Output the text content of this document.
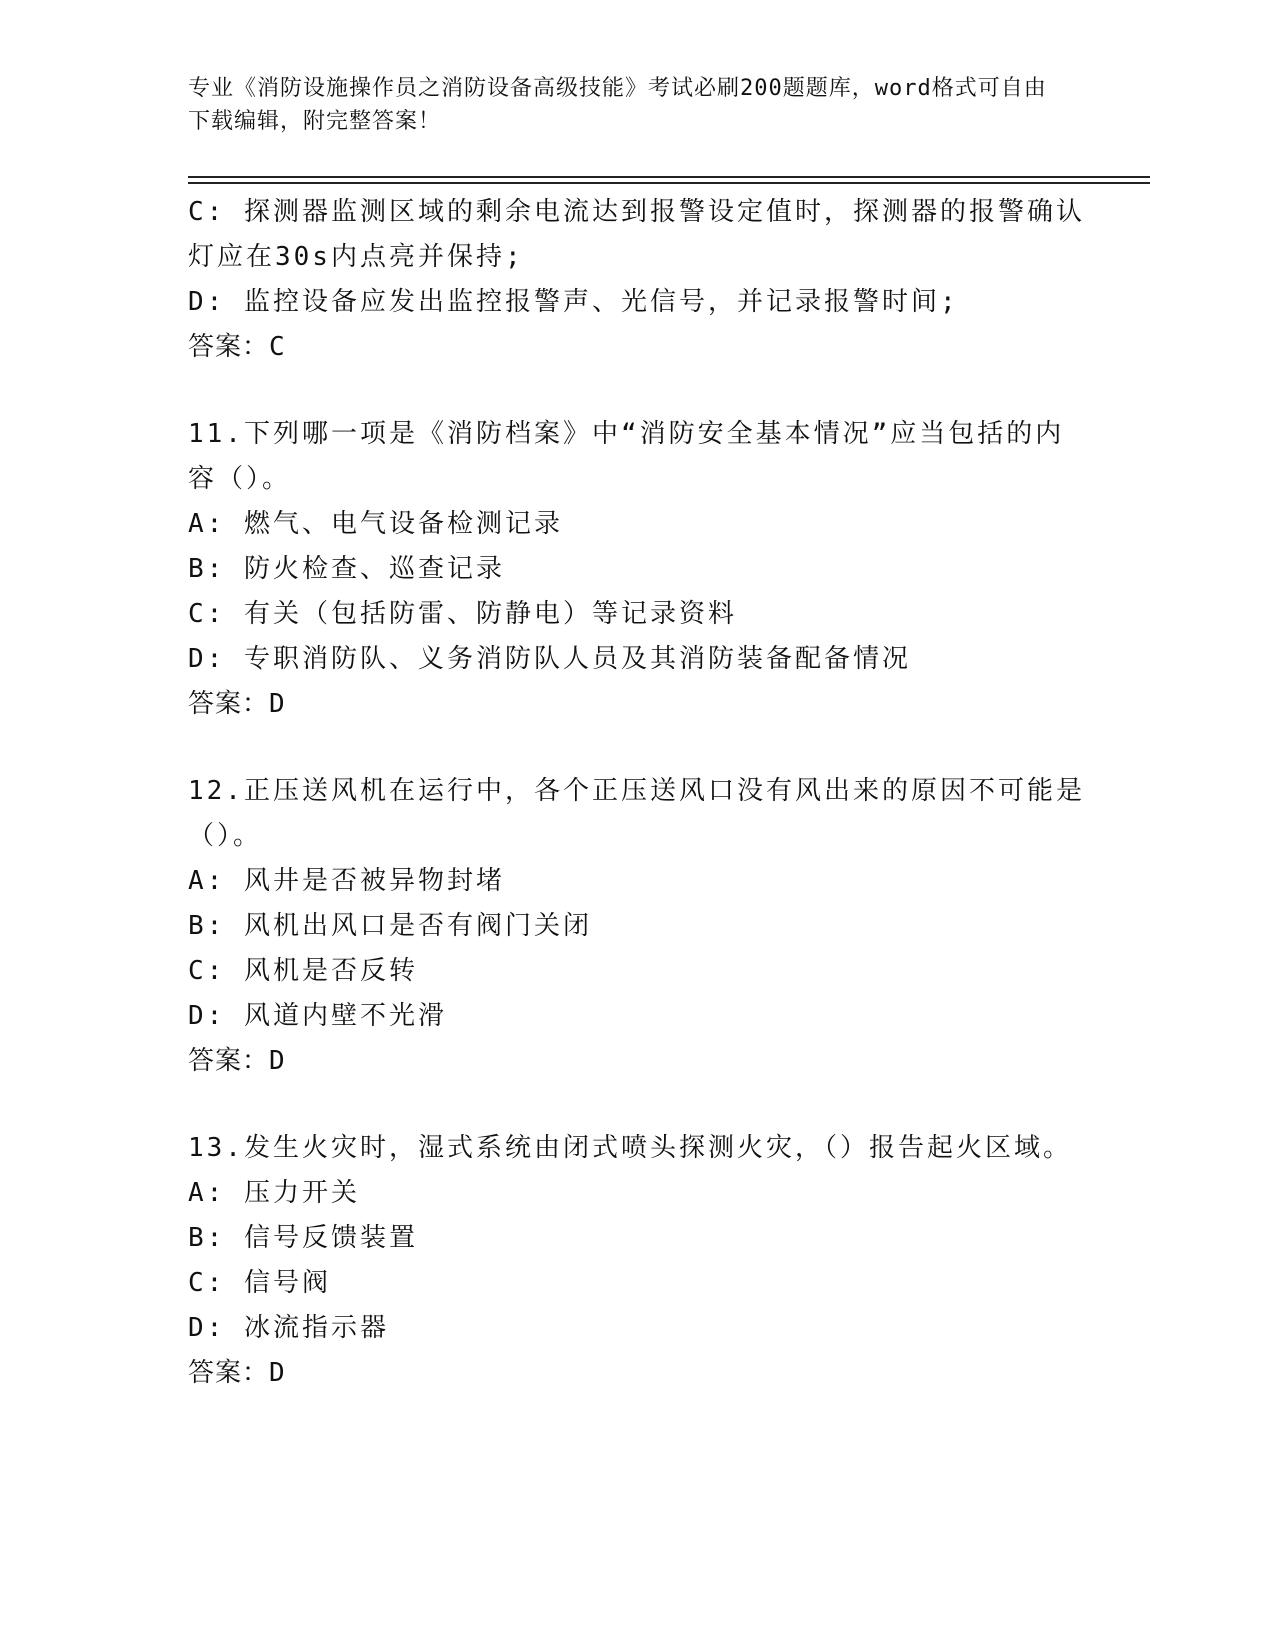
专业《消防设施操作员之消防设备高级技能》考试必刷200题题库，word格式可自由下载编辑，附完整答案！
C: 探测器监测区域的剩余电流达到报警设定值时，探测器的报警确认灯应在30s内点亮并保持;
D: 监控设备应发出监控报警声、光信号，并记录报警时间;
答案：C
11.下列哪一项是《消防档案》中“消防安全基本情况”应当包括的内容（）。
A: 燃气、电气设备检测记录
B: 防火检查、巡查记录
C: 有关（包括防雷、防静电）等记录资料
D: 专职消防队、义务消防队人员及其消防装备配备情况
答案：D
12.正压送风机在运行中，各个正压送风口没有风出来的原因不可能是（）。
A: 风井是否被异物封堵
B: 风机出风口是否有阀门关闭
C: 风机是否反转
D: 风道内壁不光滑
答案：D
13.发生火灾时，湿式系统由闭式喷头探测火灾，（）报告起火区域。
A: 压力开关
B: 信号反馈装置
C: 信号阀
D: 冰流指示器
答案：D
